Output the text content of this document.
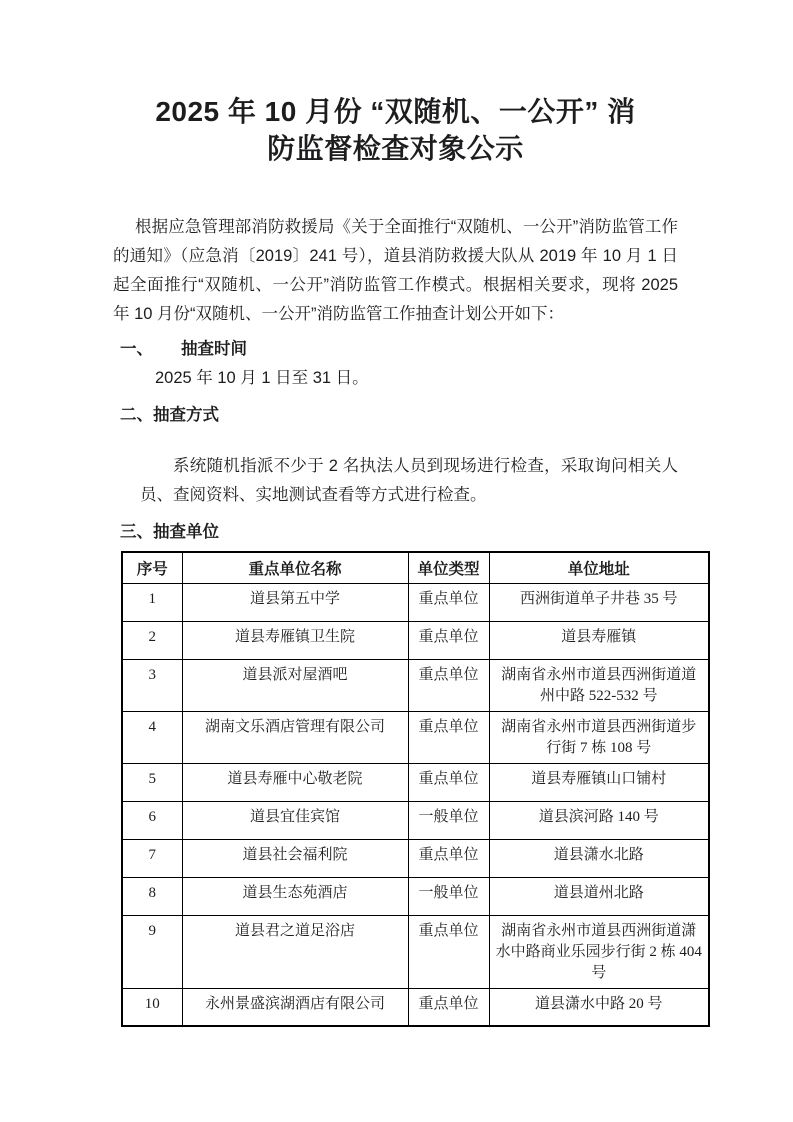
2025 年 10 月份 “双随机、一公开” 消
防监督检查对象公示

根据应急管理部消防救援局《关于全面推行“双随机、一公开”消防监管工作的通知》（应急消〔2019〕241 号），道县消防救援大队从 2019 年 10 月 1 日起全面推行“双随机、一公开”消防监管工作模式。根据相关要求，现将 2025 年 10 月份“双随机、一公开”消防监管工作抽查计划公开如下：

一、 抽查时间

2025 年 10 月 1 日至 31 日。

二、抽查方式

系统随机指派不少于 2 名执法人员到现场进行检查，采取询问相关人员、查阅资料、实地测试查看等方式进行检查。

三、抽查单位

序号	重点单位名称	单位类型	单位地址
1	道县第五中学	重点单位	西洲街道单子井巷 35 号
2	道县寿雁镇卫生院	重点单位	道县寿雁镇
3	道县派对屋酒吧	重点单位	湖南省永州市道县西洲街道道州中路 522-532 号
4	湖南文乐酒店管理有限公司	重点单位	湖南省永州市道县西洲街道步行街 7 栋 108 号
5	道县寿雁中心敬老院	重点单位	道县寿雁镇山口铺村
6	道县宜佳宾馆	一般单位	道县滨河路 140 号
7	道县社会福利院	重点单位	道县潇水北路
8	道县生态苑酒店	一般单位	道县道州北路
9	道县君之道足浴店	重点单位	湖南省永州市道县西洲街道潇水中路商业乐园步行街 2 栋 404 号
10	永州景盛滨湖酒店有限公司	重点单位	道县潇水中路 20 号
